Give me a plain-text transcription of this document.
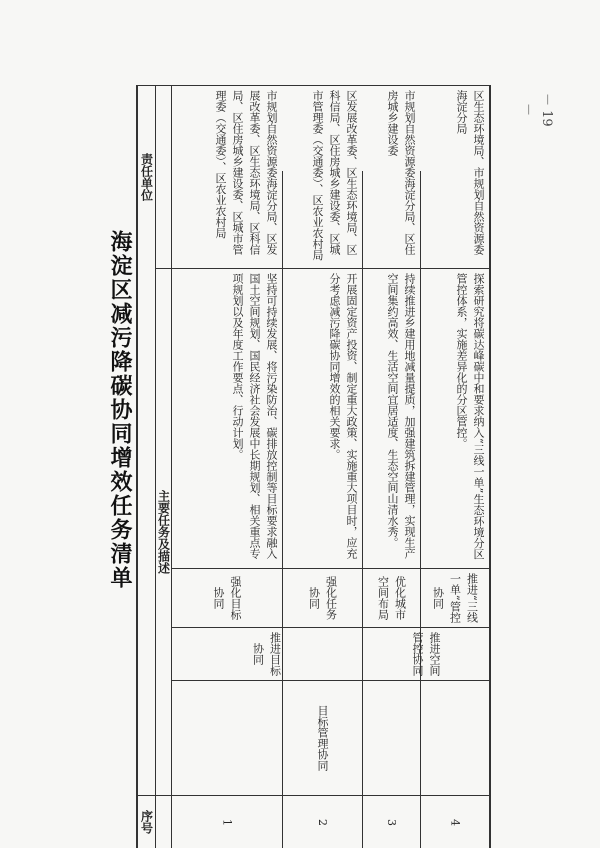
－ 19 －
海淀区减污降碳协同增效任务清单
序号
主要任务及描述
责任单位
1
推进目标协同
强化目标协同
坚持可持续发展、将污染防治、碳排放控制等目标要求融入国土空间规划、国民经济社会发展中长期规划、相关重点专项规划以及年度工作要点、行动计划。
市规划自然资源委海淀分局、区发展改革委、区生态环境局、区科信局、区住房城乡建设委、区城市管理委（交通委）、区农业农村局
2
目标管理协同
强化任务协同
开展固定资产投资、制定重大政策、实施重大项目时，应充分考虑减污降碳协同增效的相关要求。
区发展改革委、区生态环境局、区科信局、区住房城乡建设委、区城市管理委（交通委）、区农业农村局
3
推进空间管控协同
优化城市空间布局
持续推进乡建用地减量提质，加强建筑拆建管理，实现生产空间集约高效、生活空间宜居适度、生态空间山清水秀。
市规划自然资源委海淀分局、区住房城乡建设委
4
推进“三线一单”管控协同
探索研究将碳达峰碳中和要求纳入“三线一单”生态环境分区管控体系，实施差异化的分区管控。
区生态环境局、市规划自然资源委海淀分局
